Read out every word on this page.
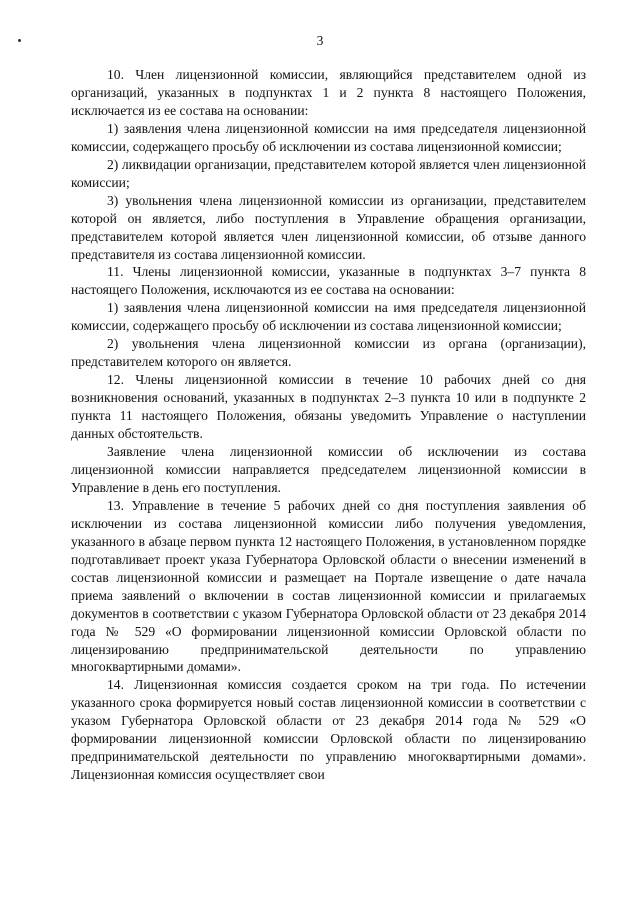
3

10. Член лицензионной комиссии, являющийся представителем одной из организаций, указанных в подпунктах 1 и 2 пункта 8 настоящего Положения, исключается из ее состава на основании:

1) заявления члена лицензионной комиссии на имя председателя лицензионной комиссии, содержащего просьбу об исключении из состава лицензионной комиссии;

2) ликвидации организации, представителем которой является член лицензионной комиссии;

3) увольнения члена лицензионной комиссии из организации, представителем которой он является, либо поступления в Управление обращения организации, представителем которой является член лицензионной комиссии, об отзыве данного представителя из состава лицензионной комиссии.

11. Члены лицензионной комиссии, указанные в подпунктах 3–7 пункта 8 настоящего Положения, исключаются из ее состава на основании:

1) заявления члена лицензионной комиссии на имя председателя лицензионной комиссии, содержащего просьбу об исключении из состава лицензионной комиссии;

2) увольнения члена лицензионной комиссии из органа (организации), представителем которого он является.

12. Члены лицензионной комиссии в течение 10 рабочих дней со дня возникновения оснований, указанных в подпунктах 2–3 пункта 10 или в подпункте 2 пункта 11 настоящего Положения, обязаны уведомить Управление о наступлении данных обстоятельств.

Заявление члена лицензионной комиссии об исключении из состава лицензионной комиссии направляется председателем лицензионной комиссии в Управление в день его поступления.

13. Управление в течение 5 рабочих дней со дня поступления заявления об исключении из состава лицензионной комиссии либо получения уведомления, указанного в абзаце первом пункта 12 настоящего Положения, в установленном порядке подготавливает проект указа Губернатора Орловской области о внесении изменений в состав лицензионной комиссии и размещает на Портале извещение о дате начала приема заявлений о включении в состав лицензионной комиссии и прилагаемых документов в соответствии с указом Губернатора Орловской области от 23 декабря 2014 года № 529 «О формировании лицензионной комиссии Орловской области по лицензированию предпринимательской деятельности по управлению многоквартирными домами».

14. Лицензионная комиссия создается сроком на три года. По истечении указанного срока формируется новый состав лицензионной комиссии в соответствии с указом Губернатора Орловской области от 23 декабря 2014 года № 529 «О формировании лицензионной комиссии Орловской области по лицензированию предпринимательской деятельности по управлению многоквартирными домами». Лицензионная комиссия осуществляет свои
